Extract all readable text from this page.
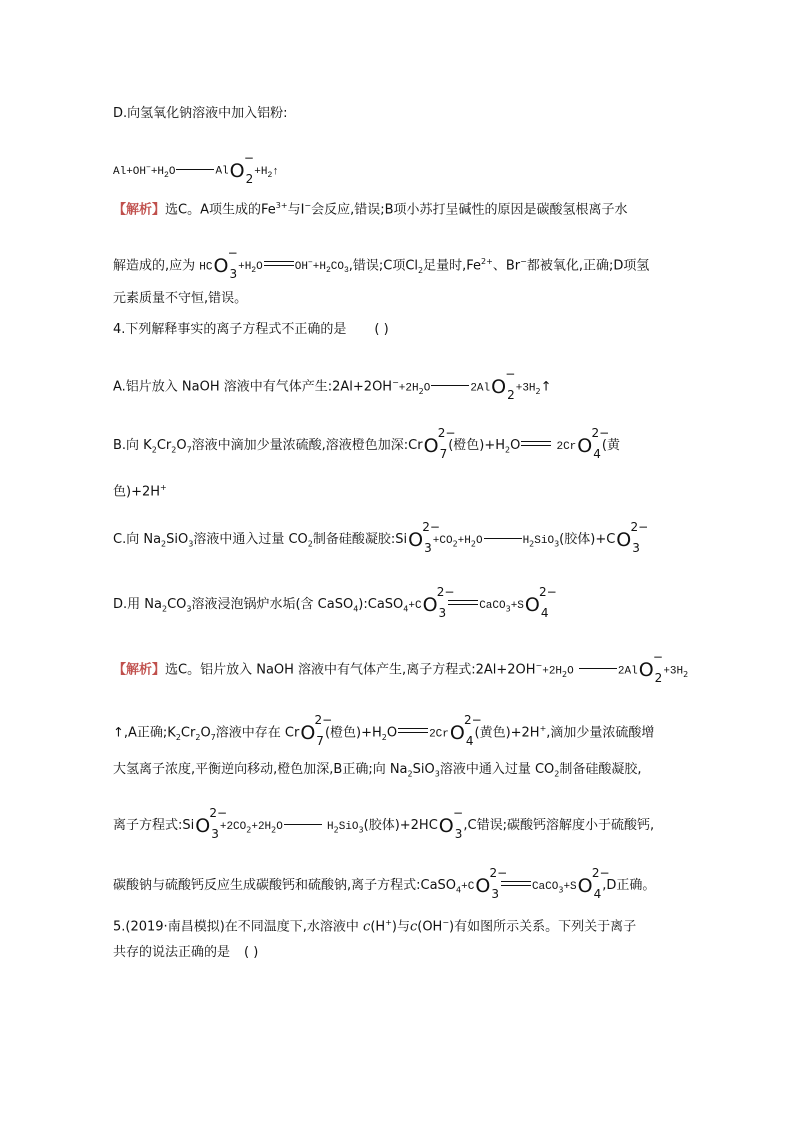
D.向氢氧化钠溶液中加入铝粉:
$Al+OH^-+H_2O$	AlO
−
$_2+H_2↑$
【解析】选C。A项生成的$Fe^{3+}$与I−会反应,错误;B项小苏打呈碱性的原因是碳酸氢根离子水
解造成的,应为 HCO
−
$_3+H_2O$	$OH^-+H_2CO_3$,错误;C项$Cl_2$足量时$,Fe^{2+}$、Br−都被氧化,正确;D项氢
元素质量不守恒,错误。
4.下列解释事实的离子方程式不正确的是 ( )
A.铝片放入 NaOH 溶液中有气体产生$:2Al+2OH^-+2H_2O$	2AlO
−
$_2+3H_2↑$
B.向 $K_2Cr_2O_7$溶液中滴加少量浓硫酸,溶液橙色加深:CrO
2−
$_7$(橙色)$+H_2O$	2CrO
2−
$_4$(黄
色)+2H+
C.向 $Na_2SiO_3$溶液中通入过量 $CO_2$制备硅酸凝胶:SiO
2−
$_3+CO_2+H_2O$	$H_2SiO_3$(胶体)+CO
2−
$_3$
D.用 $Na_2CO_3$溶液浸泡锅炉水垢(含 CaSO$_4$):CaSO$_4$+CO
2−
$_3$	CaCO$_3$+SO
2−
$_4$
【解析】选C。铝片放入 NaOH 溶液中有气体产生,离子方程式$:2Al+2OH^-+2H_2O$	2AlO
−
$_2+3H_2$
↑,A正确$;K_2Cr_2O_7$溶液中存在 CrO
2−
$_7$(橙色)$+H_2O$	2CrO
2−
$_4$(黄色)+2H+,滴加少量浓硫酸增
大氢离子浓度,平衡逆向移动,橙色加深,B正确;向 $Na_2SiO_3$溶液中通入过量 $CO_2$制备硅酸凝胶,
离子方程式:SiO
2−
$_3+2CO_2+2H_2O$	$H_2SiO_3$(胶体)+2HCO
−
$_3$,C错误;碳酸钙溶解度小于硫酸钙,
碳酸钠与硫酸钙反应生成碳酸钙和硫酸钠,离子方程式:CaSO$_4$+CO
2−
$_3$	CaCO$_3$+SO
2−
$_4$,D正确。
5.(2019·南昌模拟)在不同温度下,水溶液中 c(H+)与c(OH−)有如图所示关系。下列关于离子
共存的说法正确的是 ( )
